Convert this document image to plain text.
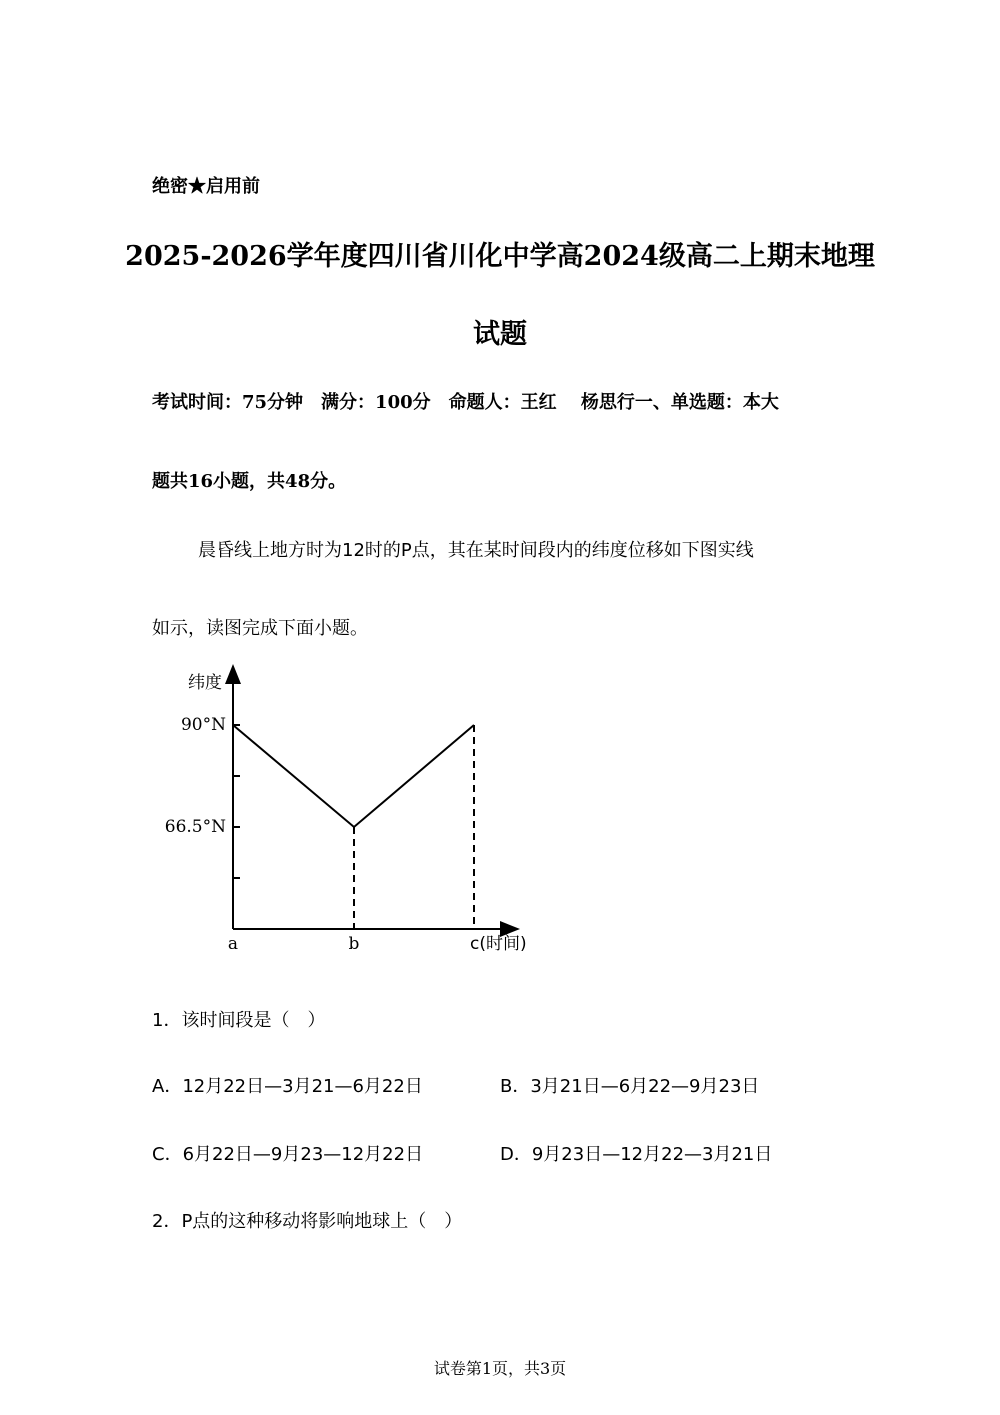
绝密★启用前
2025-2026学年度四川省川化中学高2024级高二上期末地理
试题
考试时间：75分钟　满分：100分　命题人：王红　 杨思行一、单选题：本大
题共16小题，共48分。
晨昏线上地方时为12时的P点，其在某时间段内的纬度位移如下图实线
如示，读图完成下面小题。
纬度
90°N
66.5°N
a	b	c(时间)
1．该时间段是（　）
A．12月22日—3月21—6月22日	B．3月21日—6月22—9月23日
C．6月22日—9月23—12月22日	D．9月23日—12月22—3月21日
2．P点的这种移动将影响地球上（　）
试卷第1页，共3页
